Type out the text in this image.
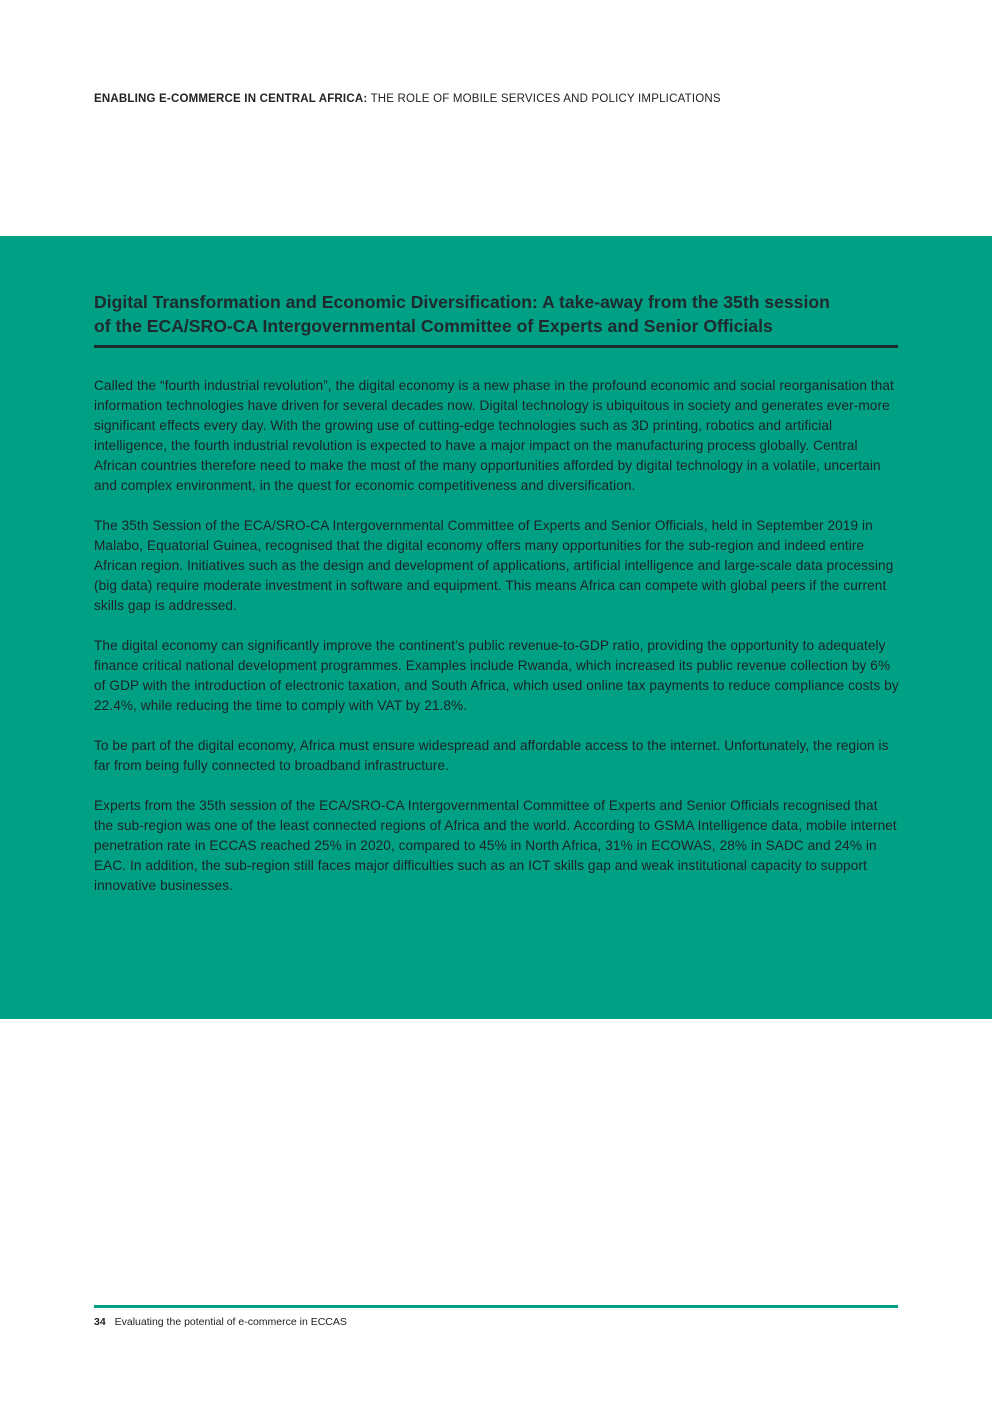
ENABLING E-COMMERCE IN CENTRAL AFRICA: THE ROLE OF MOBILE SERVICES AND POLICY IMPLICATIONS
Digital Transformation and Economic Diversification: A take-away from the 35th session
of the ECA/SRO-CA Intergovernmental Committee of Experts and Senior Officials

Called the “fourth industrial revolution”, the digital economy is a new phase in the profound economic and social reorganisation that information technologies have driven for several decades now. Digital technology is ubiquitous in society and generates ever-more significant effects every day. With the growing use of cutting-edge technologies such as 3D printing, robotics and artificial intelligence, the fourth industrial revolution is expected to have a major impact on the manufacturing process globally. Central African countries therefore need to make the most of the many opportunities afforded by digital technology in a volatile, uncertain and complex environment, in the quest for economic competitiveness and diversification.

The 35th Session of the ECA/SRO-CA Intergovernmental Committee of Experts and Senior Officials, held in September 2019 in Malabo, Equatorial Guinea, recognised that the digital economy offers many opportunities for the sub-region and indeed entire African region. Initiatives such as the design and development of applications, artificial intelligence and large-scale data processing (big data) require moderate investment in software and equipment. This means Africa can compete with global peers if the current skills gap is addressed.

The digital economy can significantly improve the continent’s public revenue-to-GDP ratio, providing the opportunity to adequately finance critical national development programmes. Examples include Rwanda, which increased its public revenue collection by 6% of GDP with the introduction of electronic taxation, and South Africa, which used online tax payments to reduce compliance costs by 22.4%, while reducing the time to comply with VAT by 21.8%.

To be part of the digital economy, Africa must ensure widespread and affordable access to the internet. Unfortunately, the region is far from being fully connected to broadband infrastructure.

Experts from the 35th session of the ECA/SRO-CA Intergovernmental Committee of Experts and Senior Officials recognised that the sub-region was one of the least connected regions of Africa and the world. According to GSMA Intelligence data, mobile internet penetration rate in ECCAS reached 25% in 2020, compared to 45% in North Africa, 31% in ECOWAS, 28% in SADC and 24% in EAC. In addition, the sub-region still faces major difficulties such as an ICT skills gap and weak institutional capacity to support innovative businesses.

34 Evaluating the potential of e-commerce in ECCAS
